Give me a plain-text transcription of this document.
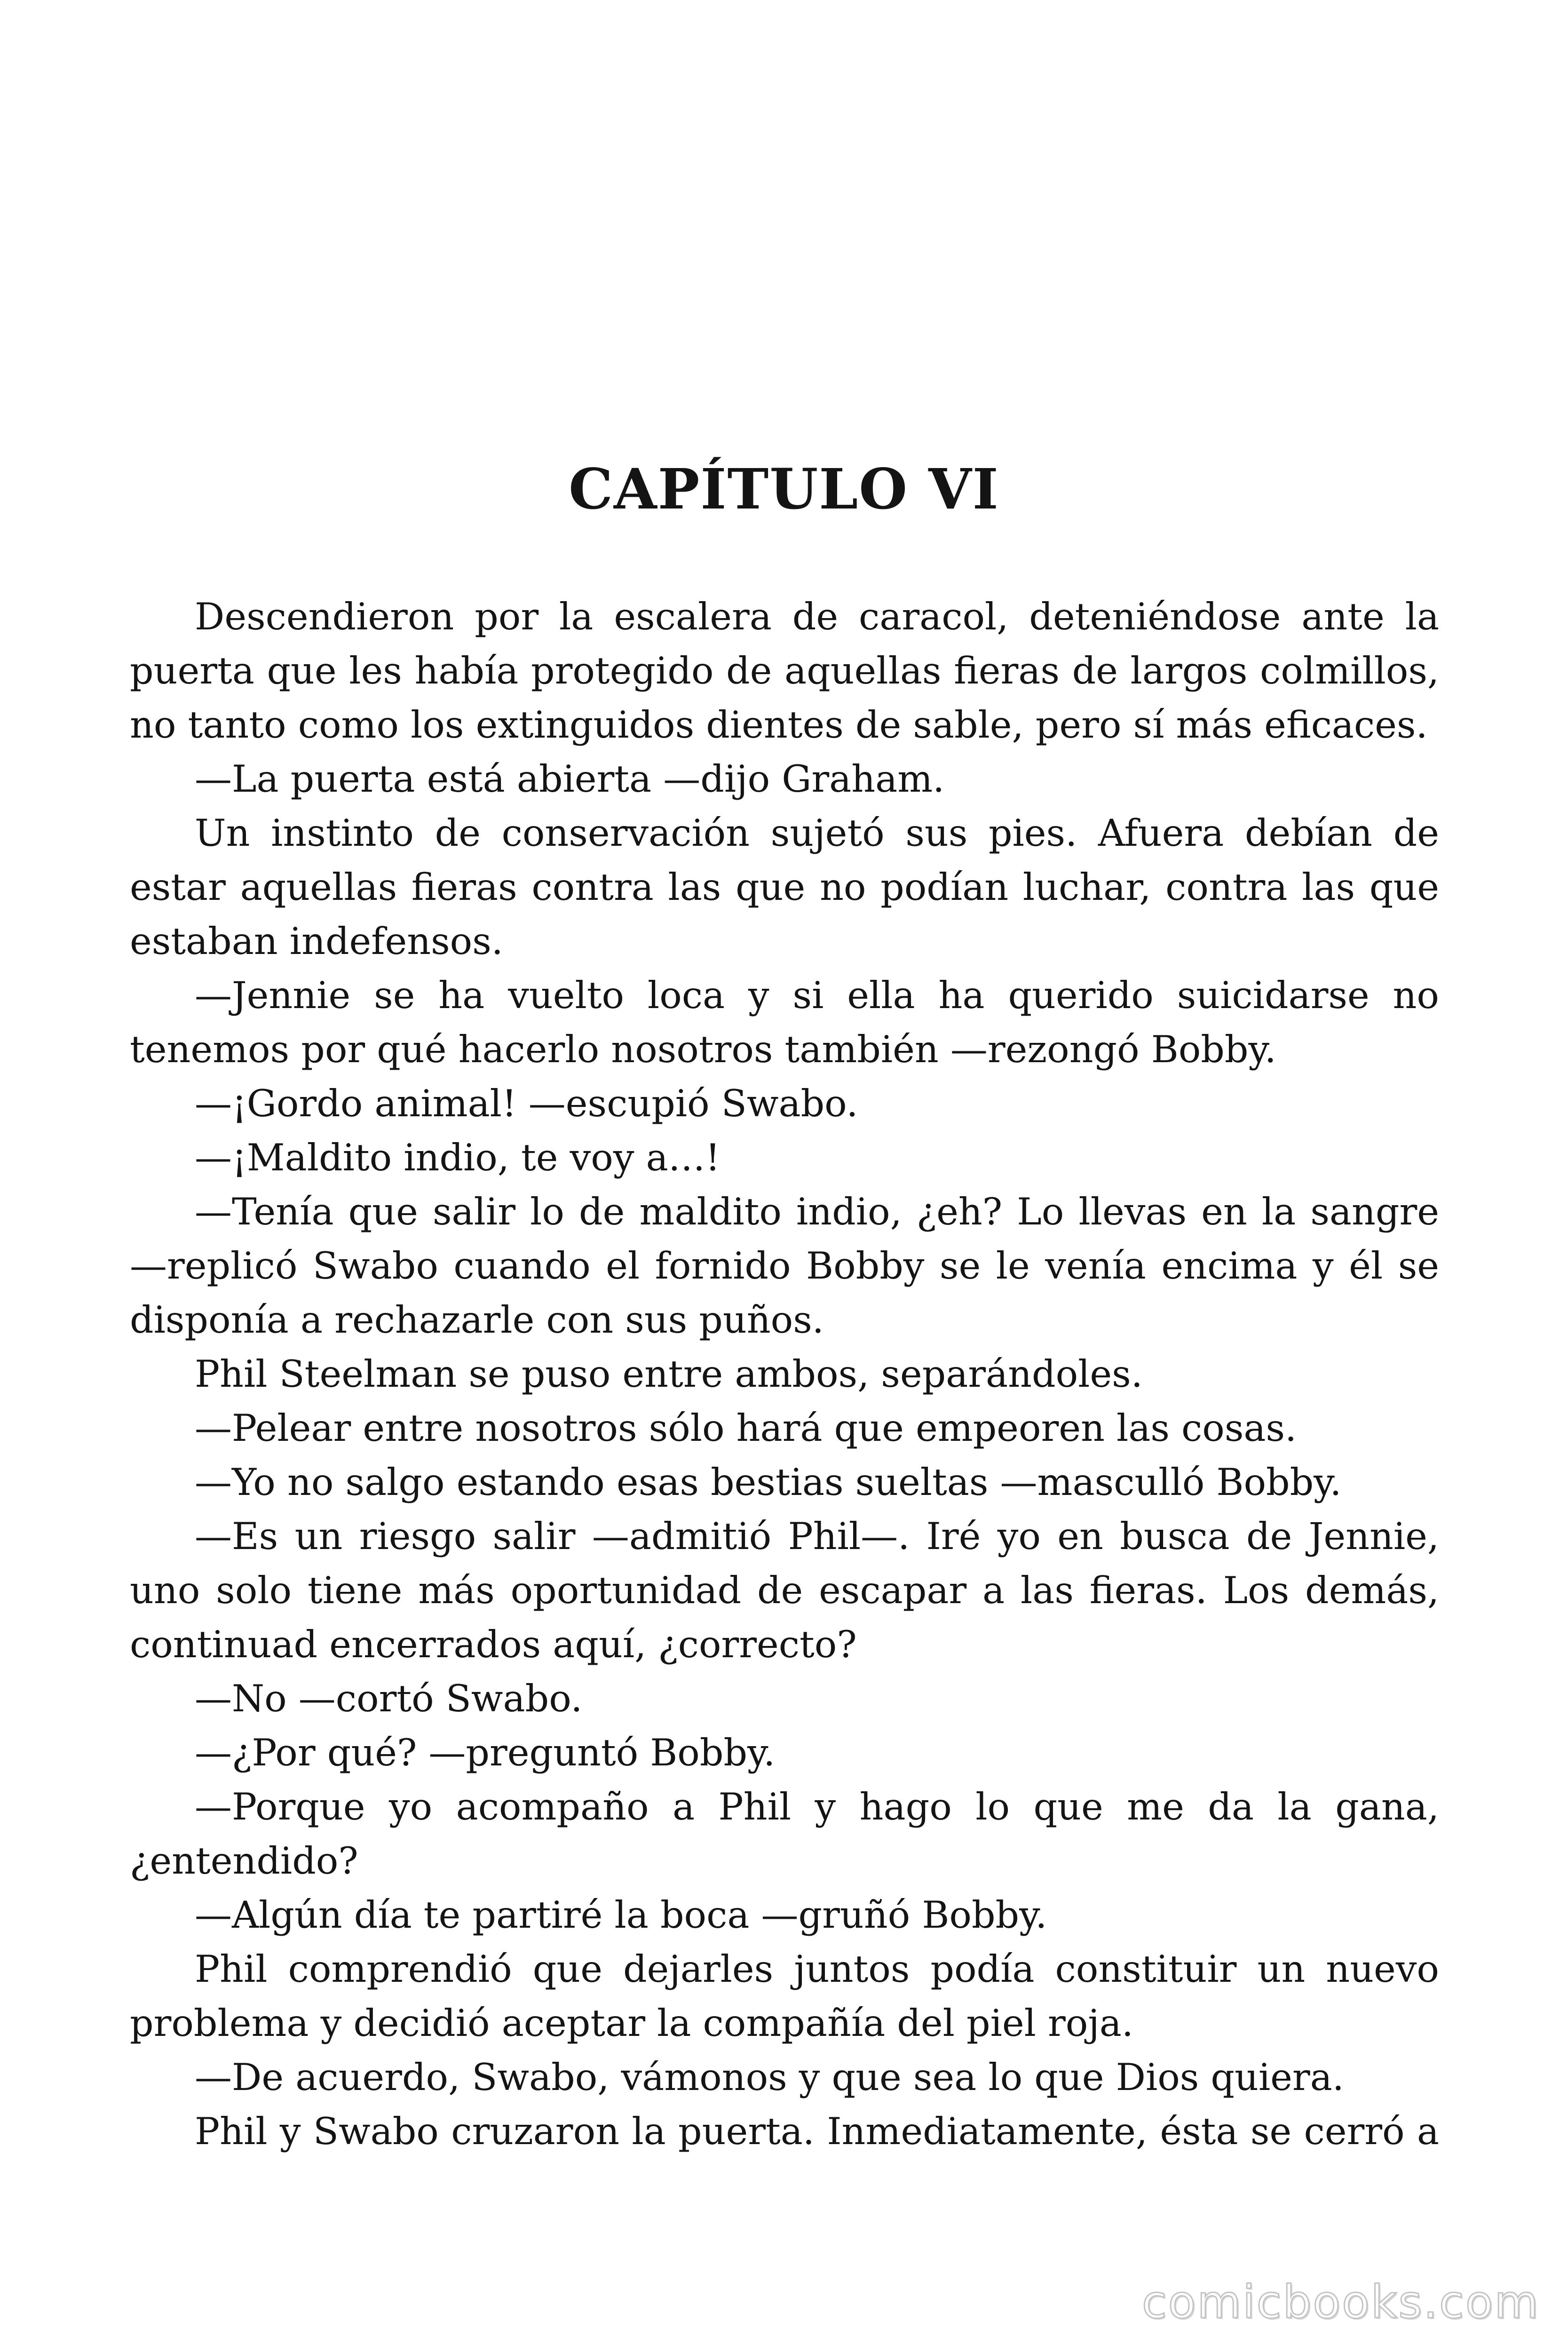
CAPÍTULO VI

Descendieron por la escalera de caracol, deteniéndose ante la puerta que les había protegido de aquellas fieras de largos colmillos, no tanto como los extinguidos dientes de sable, pero sí más eficaces.

—La puerta está abierta —dijo Graham.

Un instinto de conservación sujetó sus pies. Afuera debían de estar aquellas fieras contra las que no podían luchar, contra las que estaban indefensos.

—Jennie se ha vuelto loca y si ella ha querido suicidarse no tenemos por qué hacerlo nosotros también —rezongó Bobby.

—¡Gordo animal! —escupió Swabo.

—¡Maldito indio, te voy a…!

—Tenía que salir lo de maldito indio, ¿eh? Lo llevas en la sangre —replicó Swabo cuando el fornido Bobby se le venía encima y él se disponía a rechazarle con sus puños.

Phil Steelman se puso entre ambos, separándoles.

—Pelear entre nosotros sólo hará que empeoren las cosas.

—Yo no salgo estando esas bestias sueltas —masculló Bobby.

—Es un riesgo salir —admitió Phil—. Iré yo en busca de Jennie, uno solo tiene más oportunidad de escapar a las fieras. Los demás, continuad encerrados aquí, ¿correcto?

—No —cortó Swabo.

—¿Por qué? —preguntó Bobby.

—Porque yo acompaño a Phil y hago lo que me da la gana, ¿entendido?

—Algún día te partiré la boca —gruñó Bobby.

Phil comprendió que dejarles juntos podía constituir un nuevo problema y decidió aceptar la compañía del piel roja.

—De acuerdo, Swabo, vámonos y que sea lo que Dios quiera.

Phil y Swabo cruzaron la puerta. Inmediatamente, ésta se cerró a

comicbooks.com
